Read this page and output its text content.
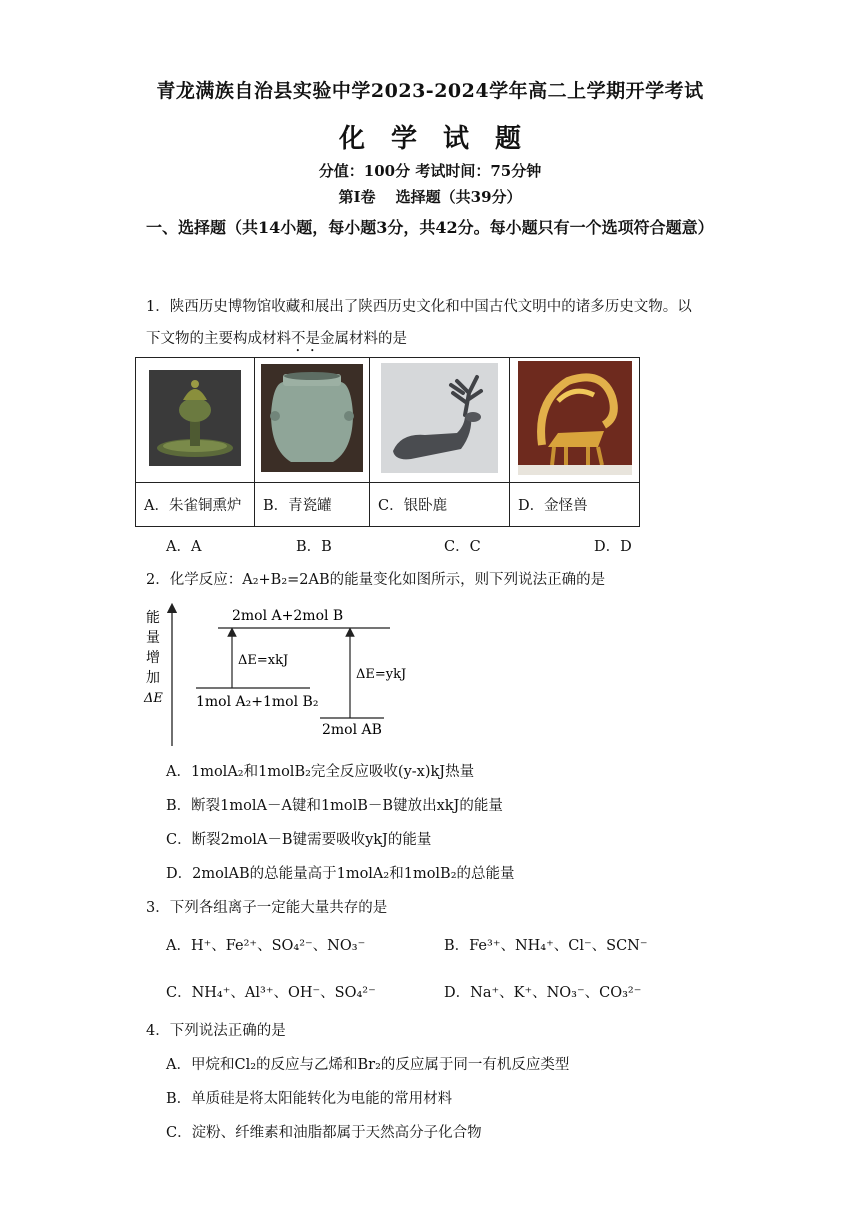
青龙满族自治县实验中学2023-2024学年高二上学期开学考试
化学试题
分值：100分 考试时间：75分钟
第I卷　 选择题（共39分）
一、选择题（共14小题，每小题3分，共42分。每小题只有一个选项符合题意）
1．陕西历史博物馆收藏和展出了陕西历史文化和中国古代文明中的诸多历史文物。以
下文物的主要构成材料不是金属材料的是

A．朱雀铜熏炉	B．青瓷罐	C．银卧鹿	D．金怪兽
A．A	B．B	C．C	D．D
2．化学反应：A₂+B₂=2AB的能量变化如图所示，则下列说法正确的是
能
量
增
加
ΔE
2mol A+2mol B
1mol A₂+1mol B₂
2mol AB
ΔE=xkJ
ΔE=ykJ
A．1molA₂和1molB₂完全反应吸收(y-x)kJ热量
B．断裂1molA－A键和1molB－B键放出xkJ的能量
C．断裂2molA－B键需要吸收ykJ的能量
D．2molAB的总能量高于1molA₂和1molB₂的总能量
3．下列各组离子一定能大量共存的是
A．H⁺、Fe²⁺、SO₄²⁻、NO₃⁻	B．Fe³⁺、NH₄⁺、Cl⁻、SCN⁻
C．NH₄⁺、Al³⁺、OH⁻、SO₄²⁻	D．Na⁺、K⁺、NO₃⁻、CO₃²⁻
4．下列说法正确的是
A．甲烷和Cl₂的反应与乙烯和Br₂的反应属于同一有机反应类型
B．单质硅是将太阳能转化为电能的常用材料
C．淀粉、纤维素和油脂都属于天然高分子化合物
